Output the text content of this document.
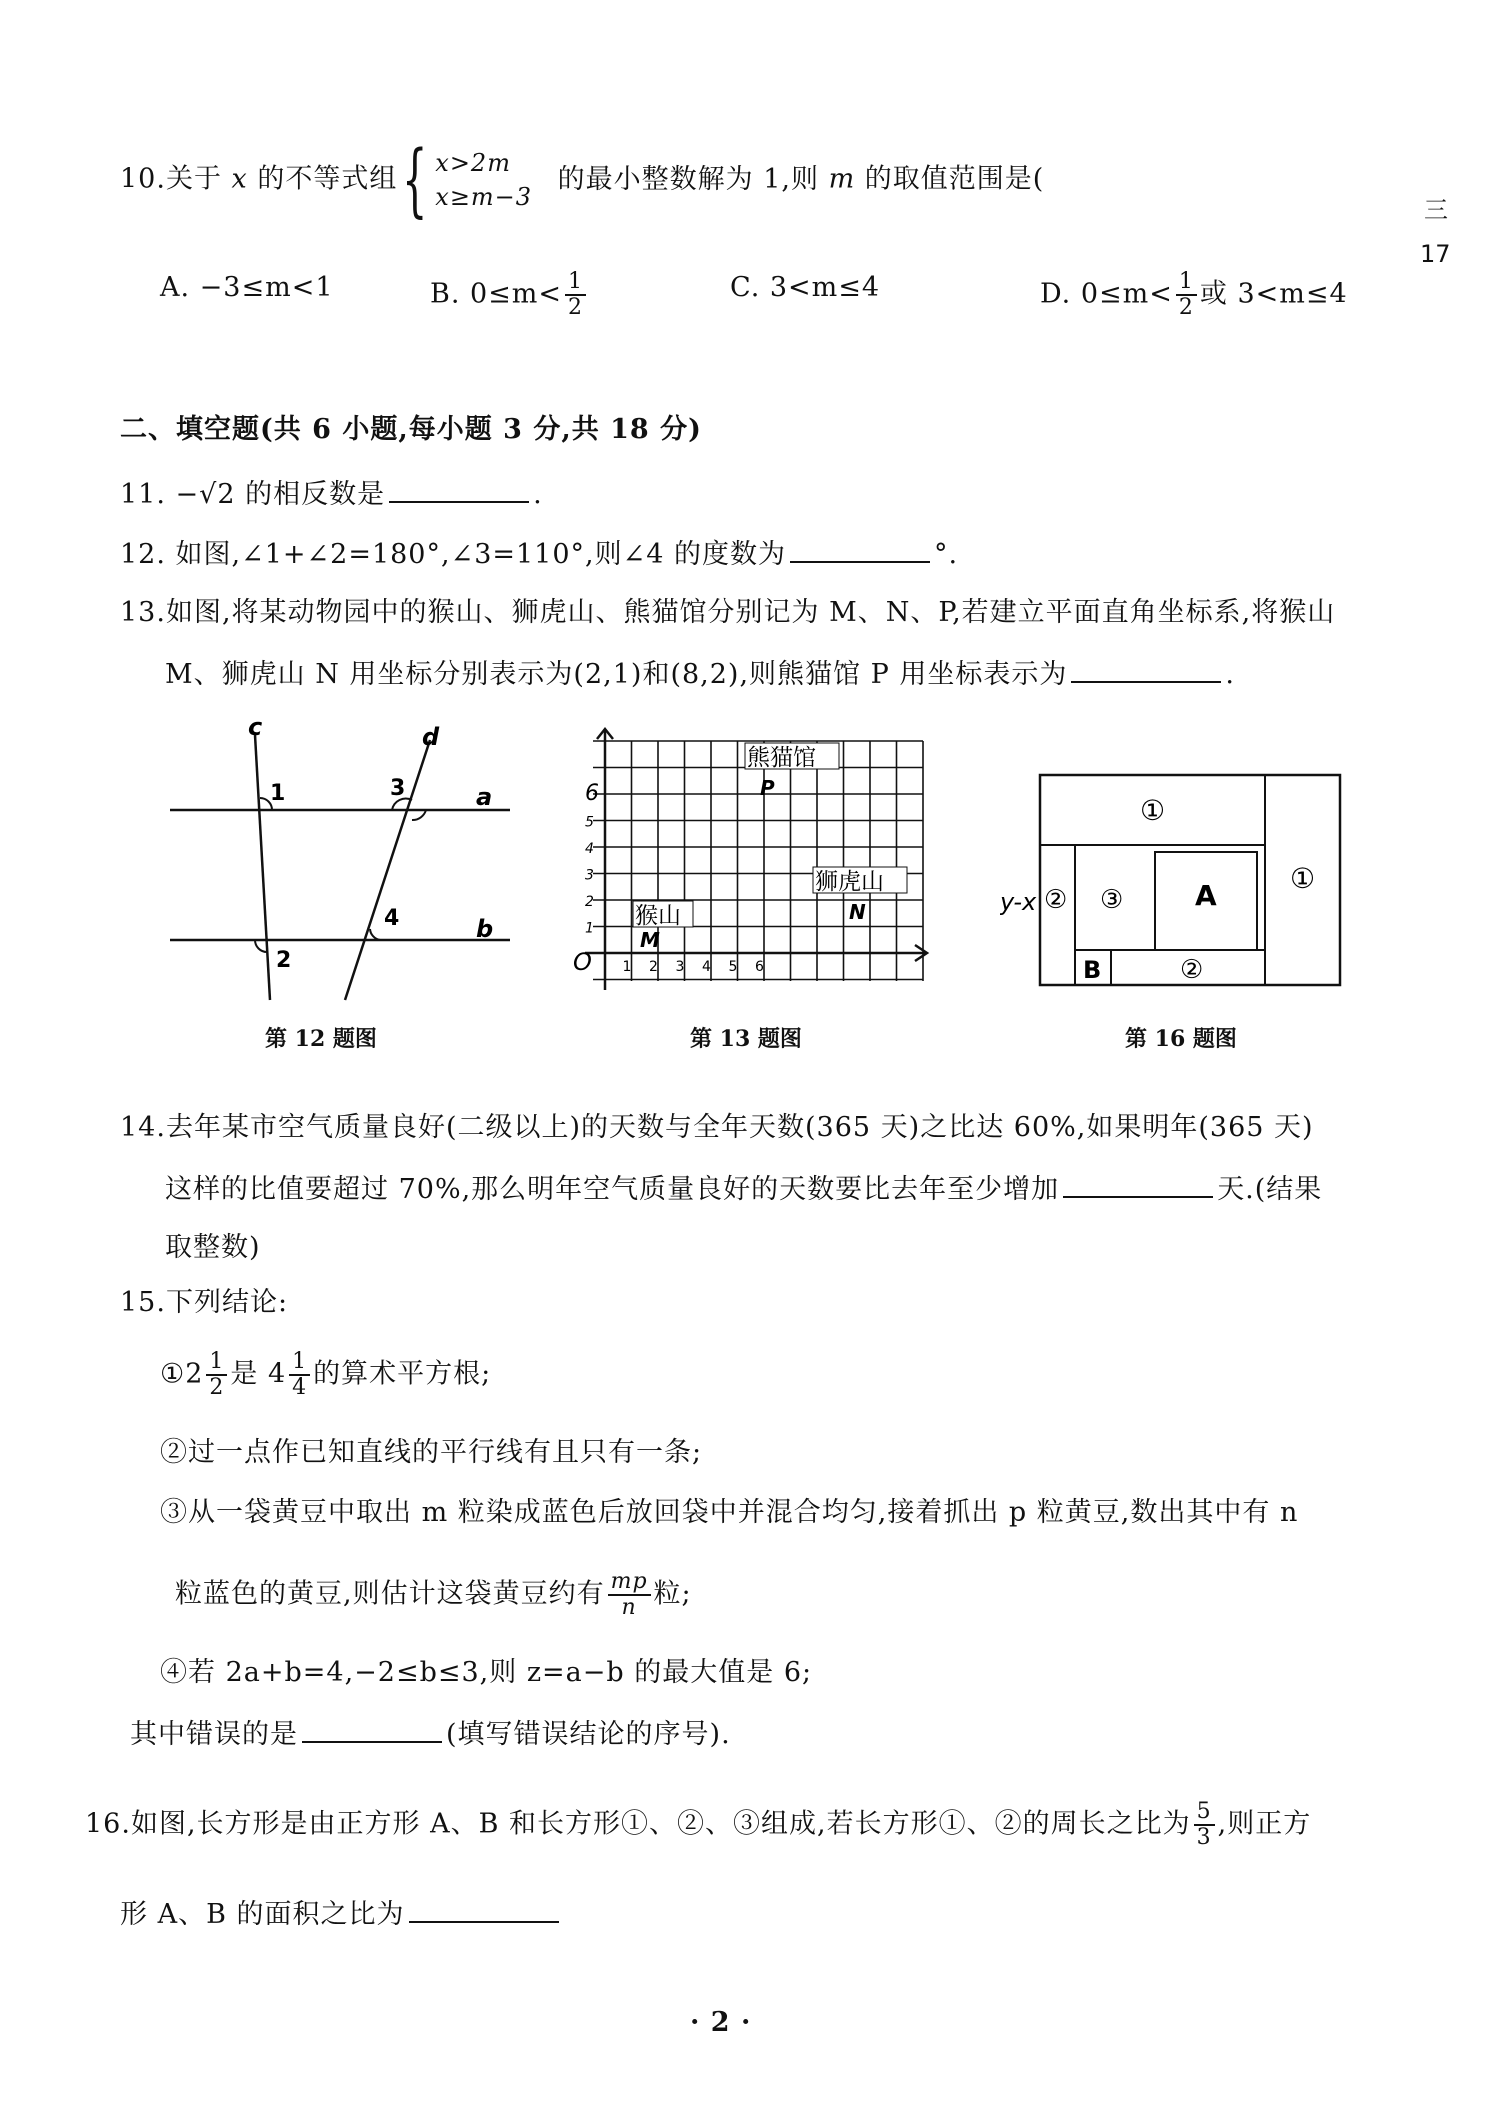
三
17
10.关于 x 的不等式组{ x>2m
x≥m−3
的最小整数解为 1,则 m 的取值范围是(
A. −3≤m<1	B. $0\le m< \frac{1}{2}$	C. 3<m≤4	D. $0\le m< \frac{1}{2}$ 或 3<m≤4
二、填空题(共 6 小题,每小题 3 分,共 18 分)
11. −√2 的相反数是	.
12. 如图,∠1+∠2=180°,∠3=110°,则∠4 的度数为	°.
13.如图,将某动物园中的猴山、狮虎山、熊猫馆分别记为 M、N、P,若建立平面直角坐标系,将猴山
M、狮虎山 N 用坐标分别表示为(2,1)和(8,2),则熊猫馆 P 用坐标表示为	.
c	d
a
b
1
2
3
4
第 12 题图
O
1
2
3
4
5
6
1 2 3 4 5 6
熊猫馆
P
狮虎山
N
猴山
M
第 13 题图
①
①
②
②
③	A
B
y-x
第 16 题图
14.去年某市空气质量良好(二级以上)的天数与全年天数(365 天)之比达 60%,如果明年(365 天)
这样的比值要超过 70%,那么明年空气质量良好的天数要比去年至少增加	天.(结果
取整数)
15.下列结论:
①2 $\frac{1}{2}$ 是 $4 \frac{1}{4}$ 的算术平方根;
②过一点作已知直线的平行线有且只有一条;
③从一袋黄豆中取出 m 粒染成蓝色后放回袋中并混合均匀,接着抓出 p 粒黄豆,数出其中有 n
粒蓝色的黄豆,则估计这袋黄豆约有 $\frac{mp}{n}$ 粒;
④若 2a+b=4,−2≤b≤3,则 z=a−b 的最大值是 6;
其中错误的是	(填写错误结论的序号).
16.如图,长方形是由正方形 A、B 和长方形①、②、③组成,若长方形①、②的周长之比为 $\frac{5}{3}$ ,则正方
形 A、B 的面积之比为
· 2 ·
